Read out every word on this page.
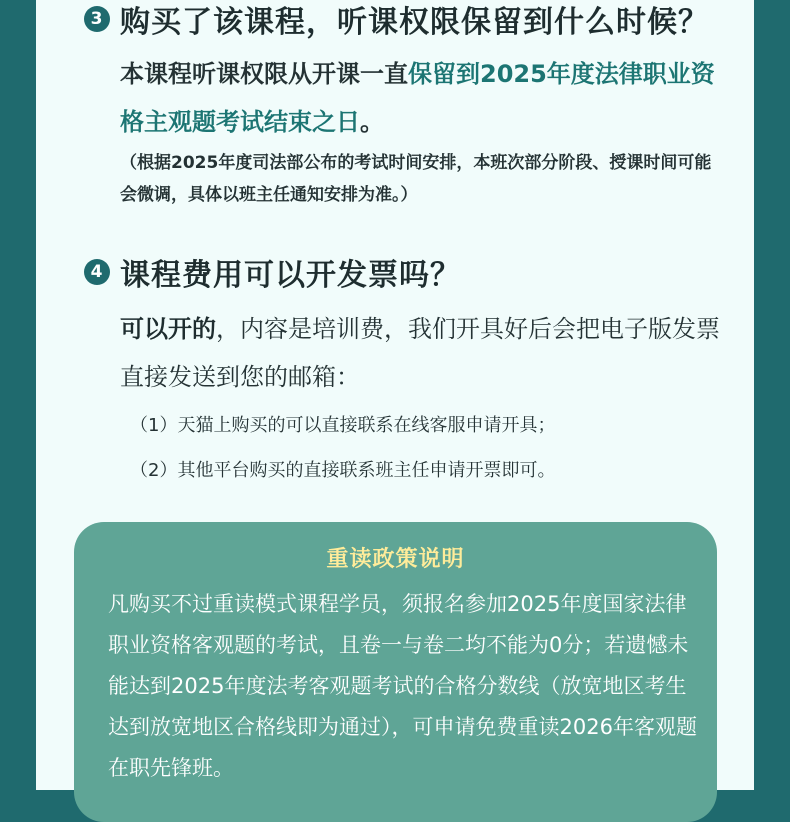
3 购买了该课程，听课权限保留到什么时候？
本课程听课权限从开课一直保留到2025年度法律职业资格主观题考试结束之日。
（根据2025年度司法部公布的考试时间安排，本班次部分阶段、授课时间可能会微调，具体以班主任通知安排为准。）
4 课程费用可以开发票吗？
可以开的，内容是培训费，我们开具好后会把电子版发票直接发送到您的邮箱：
（1）天猫上购买的可以直接联系在线客服申请开具；
（2）其他平台购买的直接联系班主任申请开票即可。
重读政策说明
凡购买不过重读模式课程学员，须报名参加2025年度国家法律职业资格客观题的考试，且卷一与卷二均不能为0分；若遗憾未能达到2025年度法考客观题考试的合格分数线（放宽地区考生达到放宽地区合格线即为通过），可申请免费重读2026年客观题在职先锋班。
